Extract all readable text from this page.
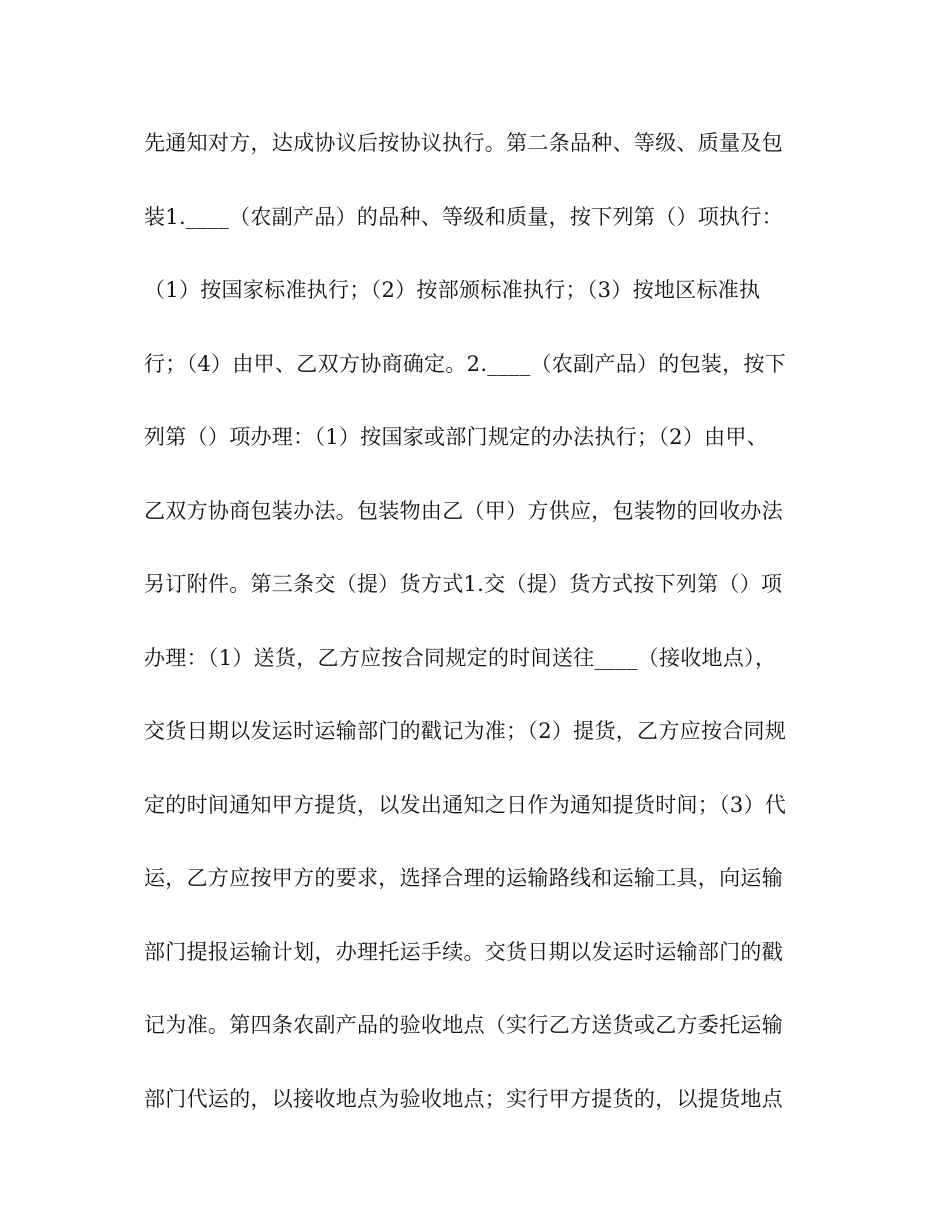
先通知对方，达成协议后按协议执行。第二条品种、等级、质量及包
装1.____（农副产品）的品种、等级和质量，按下列第（）项执行：
（1）按国家标准执行；（2）按部颁标准执行；（3）按地区标准执
行；（4）由甲、乙双方协商确定。2.____（农副产品）的包装，按下
列第（）项办理：（1）按国家或部门规定的办法执行；（2）由甲、
乙双方协商包装办法。包装物由乙（甲）方供应，包装物的回收办法
另订附件。第三条交（提）货方式1.交（提）货方式按下列第（）项
办理：（1）送货，乙方应按合同规定的时间送往____（接收地点），
交货日期以发运时运输部门的戳记为准；（2）提货，乙方应按合同规
定的时间通知甲方提货，以发出通知之日作为通知提货时间；（3）代
运，乙方应按甲方的要求，选择合理的运输路线和运输工具，向运输
部门提报运输计划，办理托运手续。交货日期以发运时运输部门的戳
记为准。第四条农副产品的验收地点（实行乙方送货或乙方委托运输
部门代运的，以接收地点为验收地点；实行甲方提货的，以提货地点
